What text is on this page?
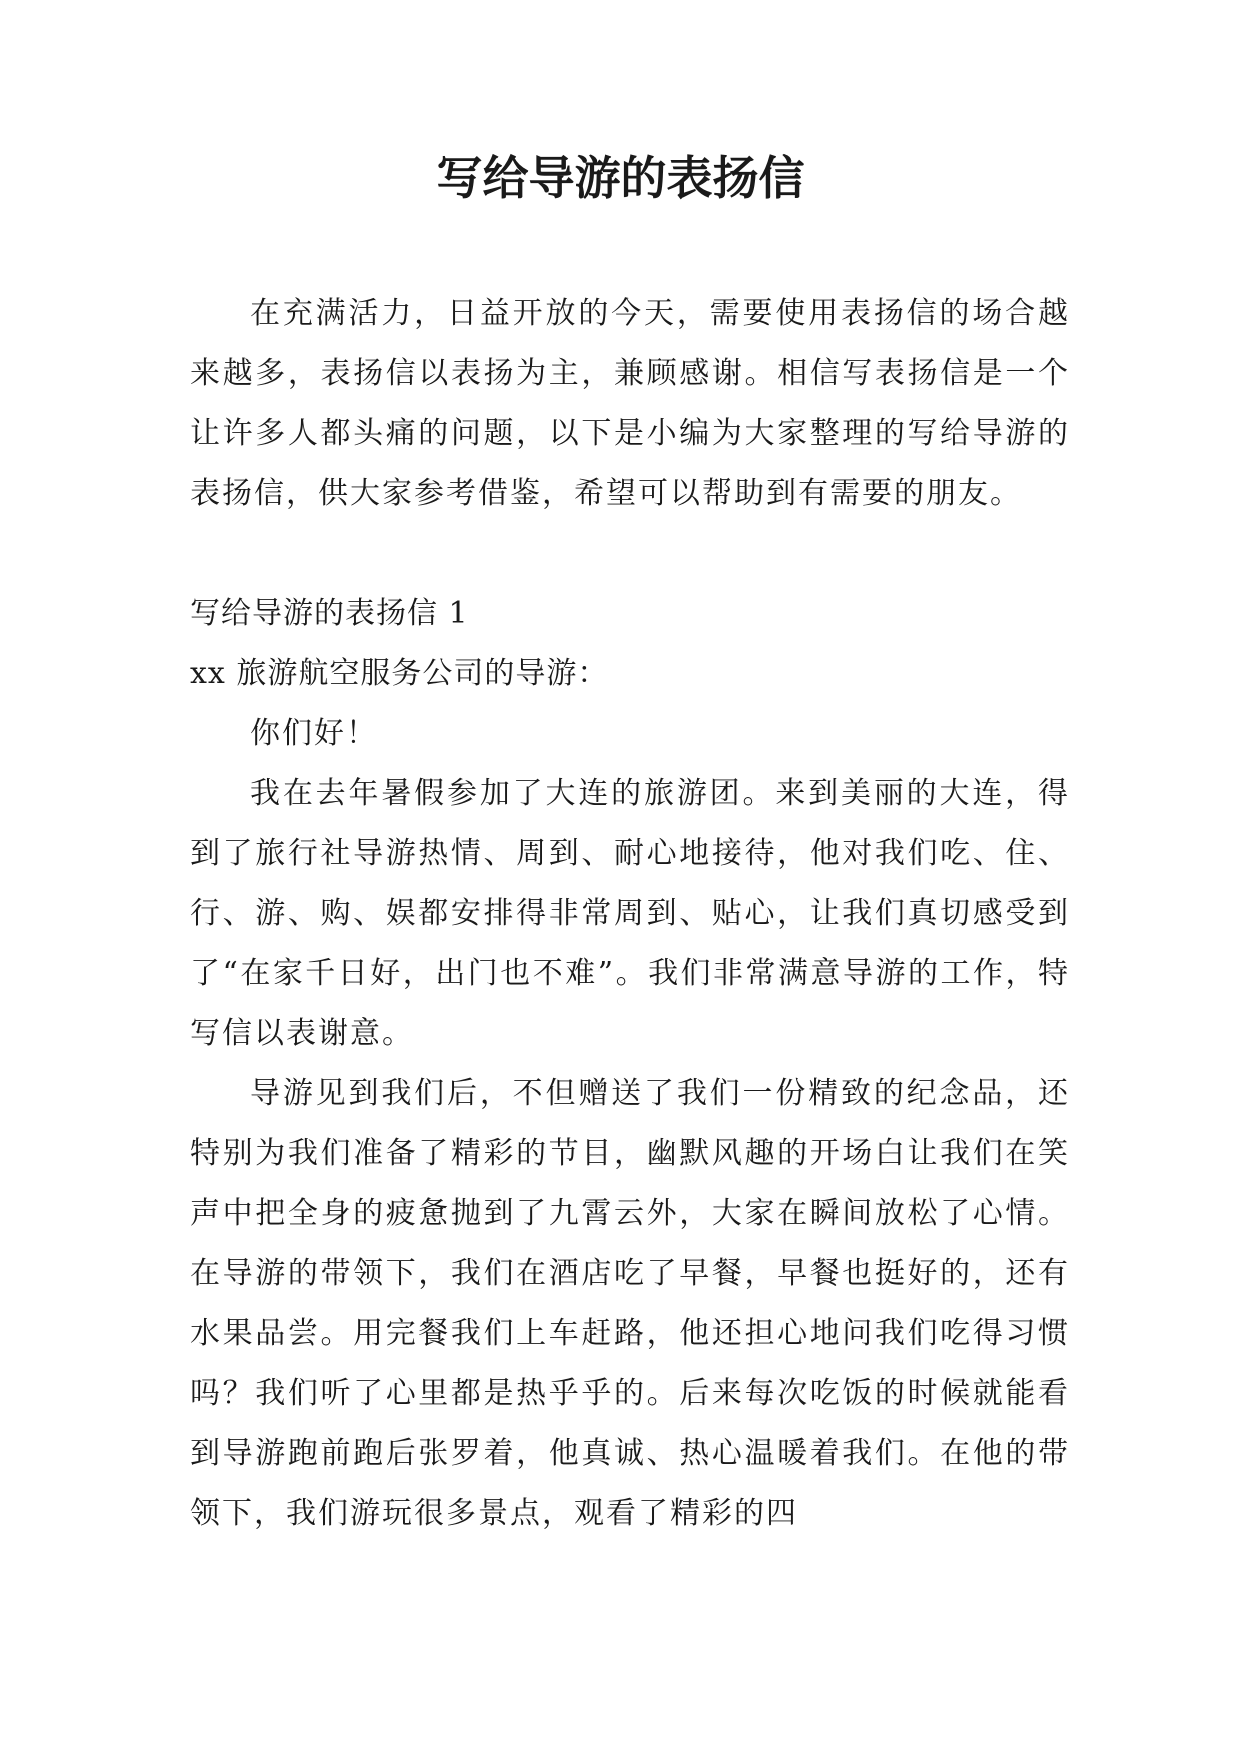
写给导游的表扬信

在充满活力，日益开放的今天，需要使用表扬信的场合越来越多，表扬信以表扬为主，兼顾感谢。相信写表扬信是一个让许多人都头痛的问题，以下是小编为大家整理的写给导游的表扬信，供大家参考借鉴，希望可以帮助到有需要的朋友。

写给导游的表扬信 1

xx 旅游航空服务公司的导游：

你们好！

我在去年暑假参加了大连的旅游团。来到美丽的大连，得到了旅行社导游热情、周到、耐心地接待，他对我们吃、住、行、游、购、娱都安排得非常周到、贴心，让我们真切感受到了“在家千日好，出门也不难”。我们非常满意导游的工作，特写信以表谢意。

导游见到我们后，不但赠送了我们一份精致的纪念品，还特别为我们准备了精彩的节目，幽默风趣的开场白让我们在笑声中把全身的疲惫抛到了九霄云外，大家在瞬间放松了心情。在导游的带领下，我们在酒店吃了早餐，早餐也挺好的，还有水果品尝。用完餐我们上车赶路，他还担心地问我们吃得习惯吗？我们听了心里都是热乎乎的。后来每次吃饭的时候就能看到导游跑前跑后张罗着，他真诚、热心温暖着我们。在他的带领下，我们游玩很多景点，观看了精彩的四
